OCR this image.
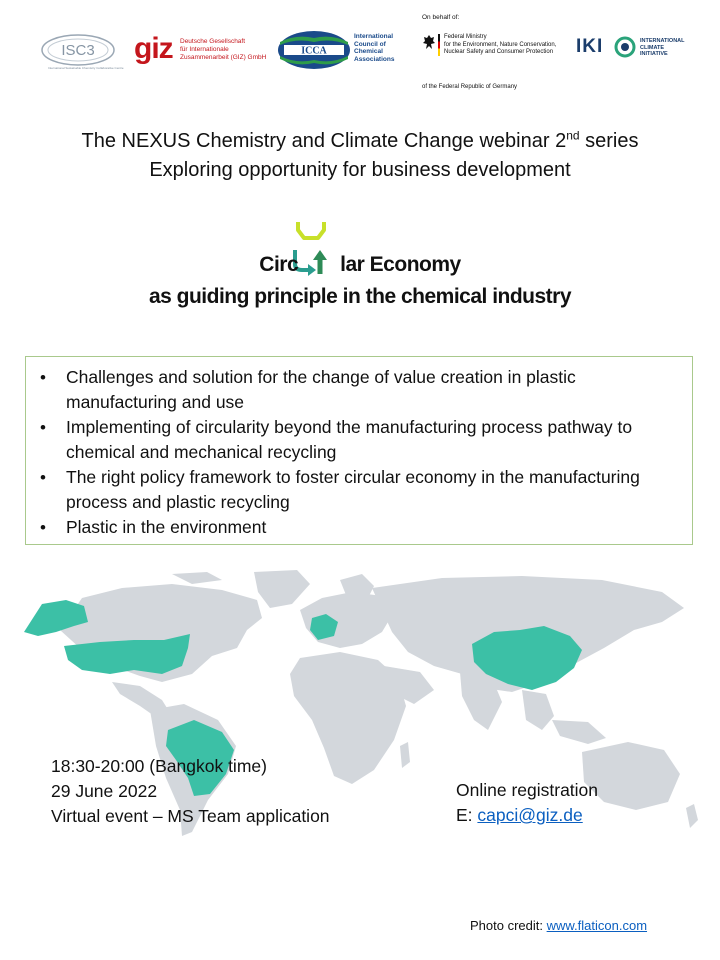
ISC3
International Sustainable Chemistry Collaborative Centre
giz Deutsche Gesellschaft
für Internationale
Zusammenarbeit (GIZ) GmbH
ICCA
International
Council of
Chemical
Associations
On behalf of:
Federal Ministry
for the Environment, Nature Conservation,
Nuclear Safety and Consumer Protection
of the Federal Republic of Germany
IKI	INTERNATIONAL
CLIMATE
INITIATIVE
The NEXUS Chemistry and Climate Change webinar 2nd series
Exploring opportunity for business development
Circ lar Economy
as guiding principle in the chemical industry
• Challenges and solution for the change of value creation in plastic manufacturing and use
• Implementing of circularity beyond the manufacturing process pathway to chemical and mechanical recycling
• The right policy framework to foster circular economy in the manufacturing process and plastic recycling
• Plastic in the environment
18:30-20:00 (Bangkok time)
29 June 2022
Virtual event – MS Team application
Online registration
E: capci@giz.de
Photo credit: www.flaticon.com
